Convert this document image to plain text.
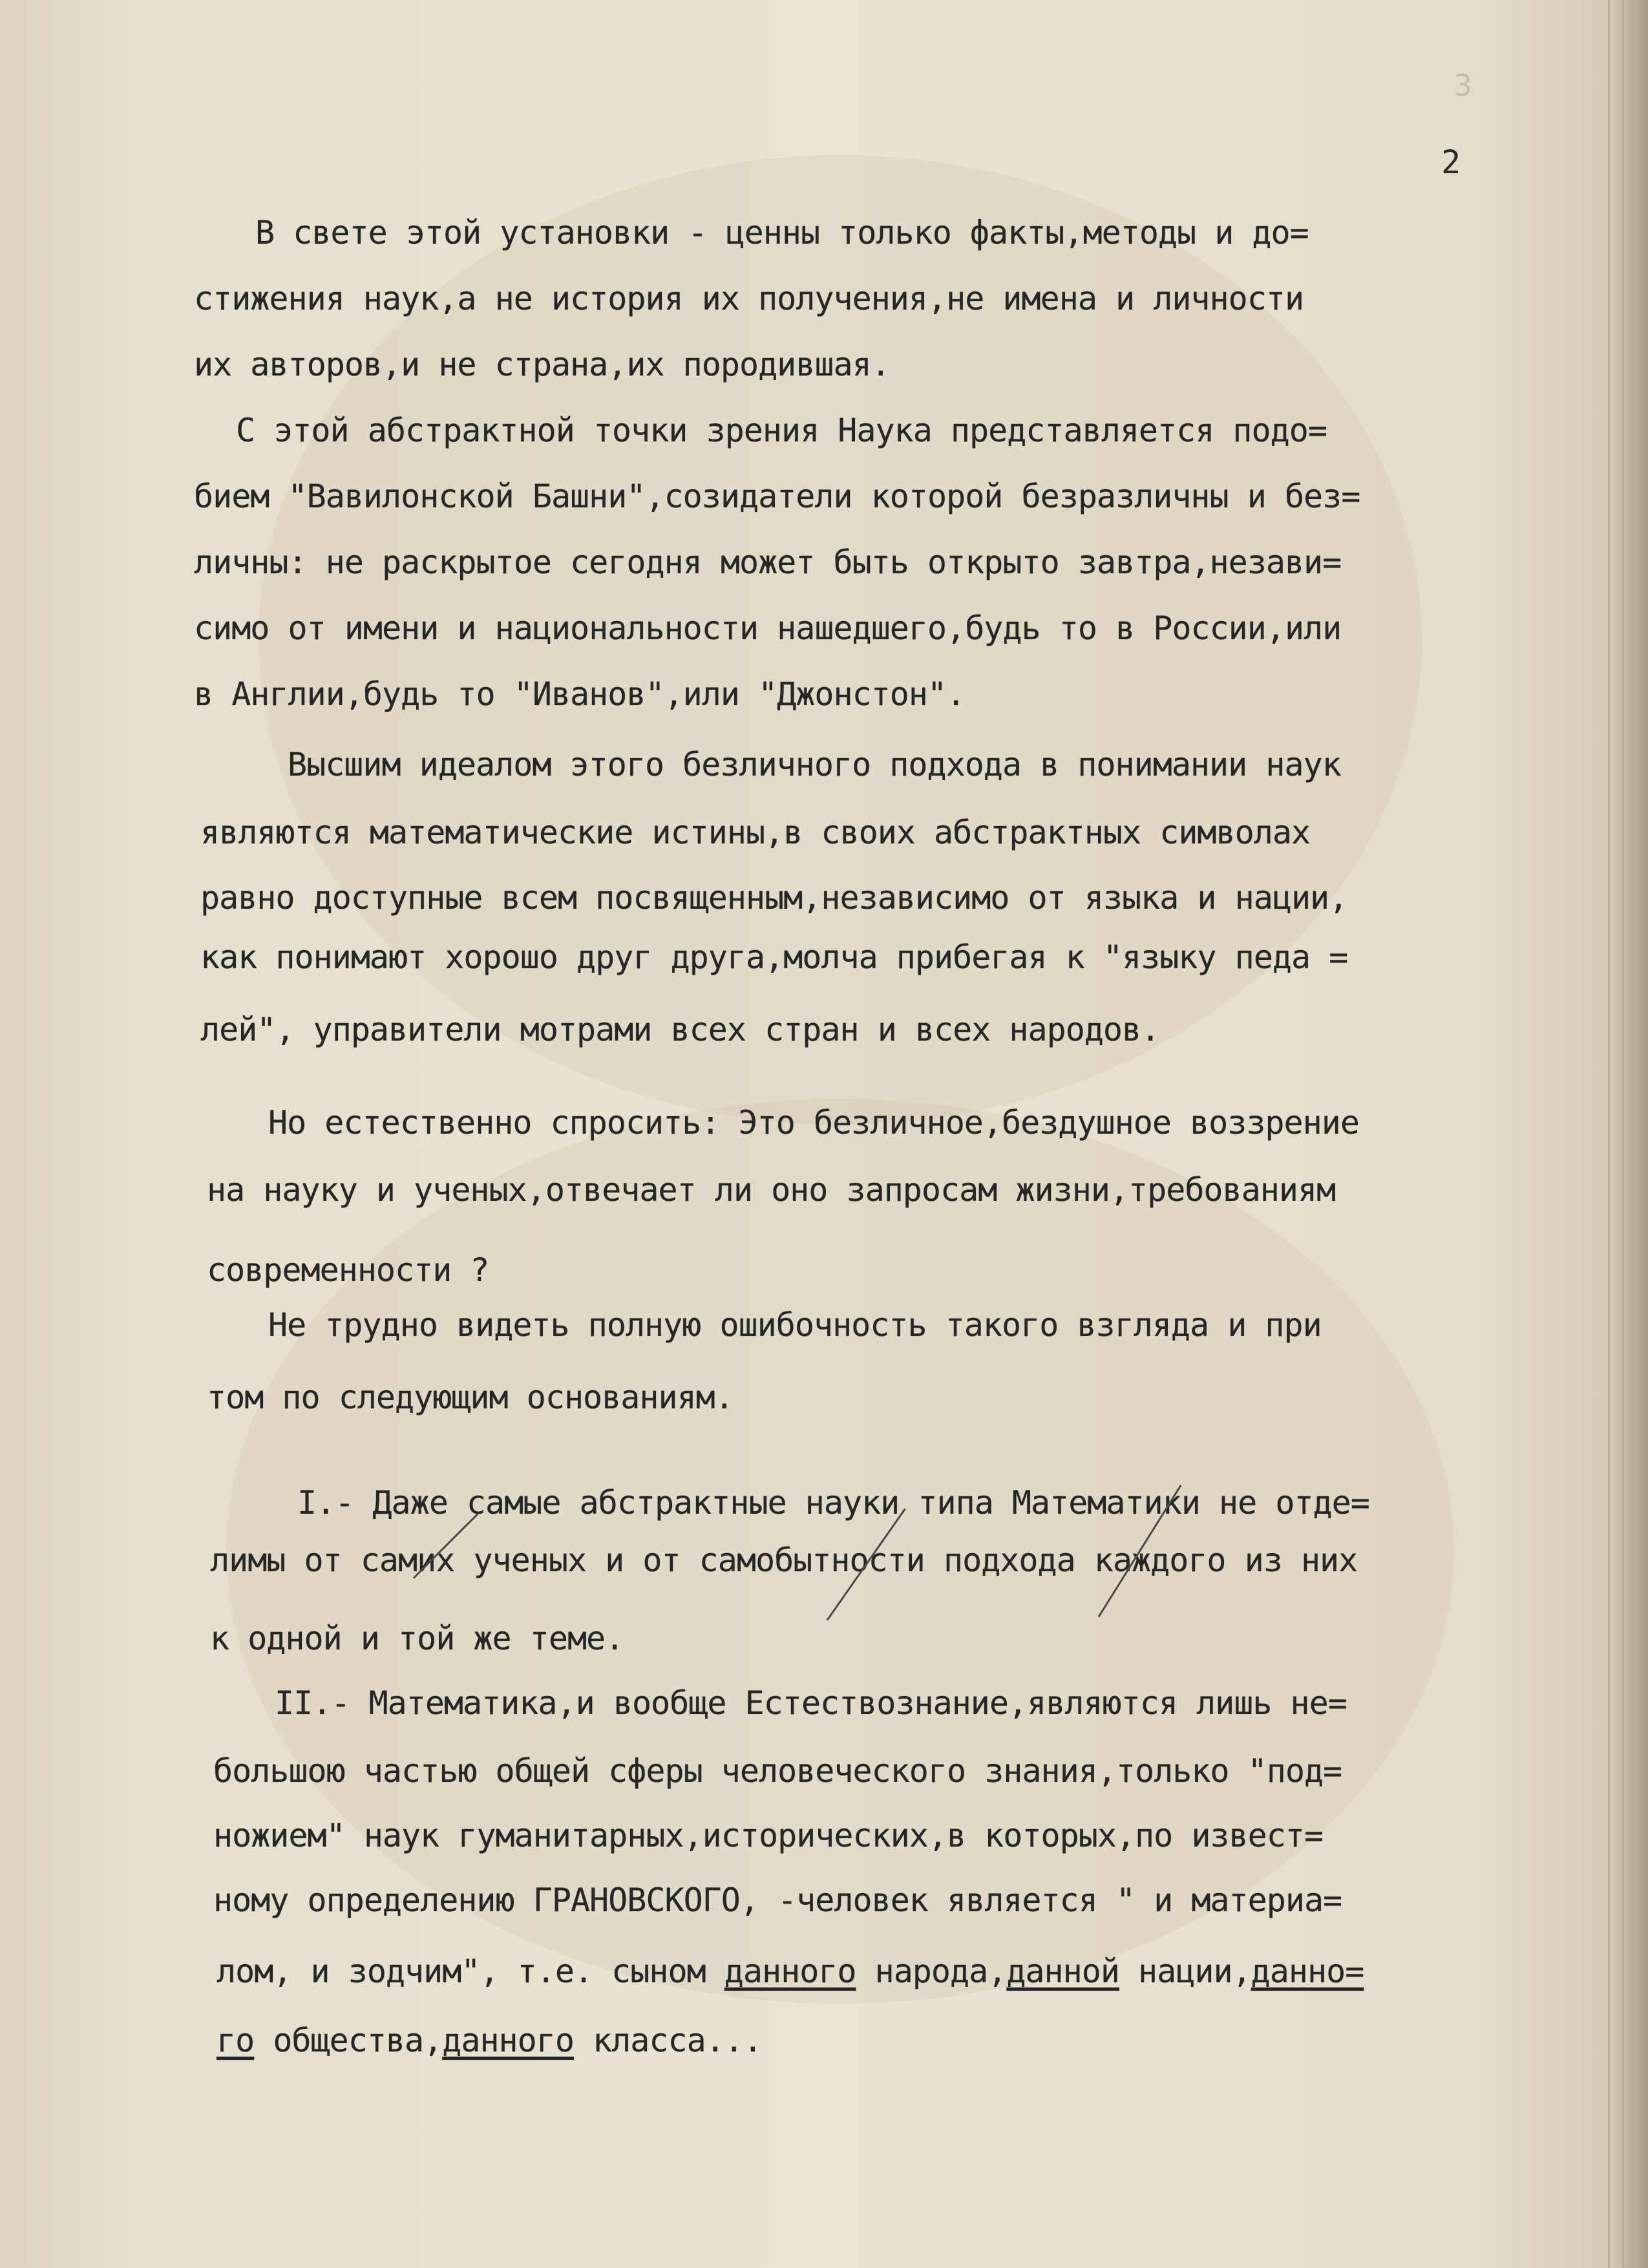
3
2
В свете этой установки - ценны только факты,методы и до=
стижения наук,а не история их получения,не имена и личности
их авторов,и не страна,их породившая.
С этой абстрактной точки зрения Наука представляется подо=
бием "Вавилонской Башни",созидатели которой безразличны и без=
личны: не раскрытое сегодня может быть открыто завтра,незави=
симо от имени и национальности нашедшего,будь то в России,или
в Англии,будь то "Иванов",или "Джонстон".
Высшим идеалом этого безличного подхода в понимании наук
являются математические истины,в своих абстрактных символах
равно доступные всем посвященным,независимо от языка и нации,
как понимают хорошо друг друга,молча прибегая к "языку педа =
лей", управители мотрами всех стран и всех народов.
Но естественно спросить: Это безличное,бездушное воззрение
на науку и ученых,отвечает ли оно запросам жизни,требованиям
современности ?
Не трудно видеть полную ошибочность такого взгляда и при
том по следующим основаниям.
I.- Даже самые абстрактные науки типа Математики не отде=
лимы от самих ученых и от самобытности подхода каждого из них
к одной и той же теме.
II.- Математика,и вообще Естествознание,являются лишь не=
большою частью общей сферы человеческого знания,только "под=
ножием" наук гуманитарных,исторических,в которых,по извест=
ному определению ГРАНОВСКОГО, -человек является " и материа=
лом, и зодчим", т.е. сыном данного народа,данной нации,данно=
го общества,данного класса...
